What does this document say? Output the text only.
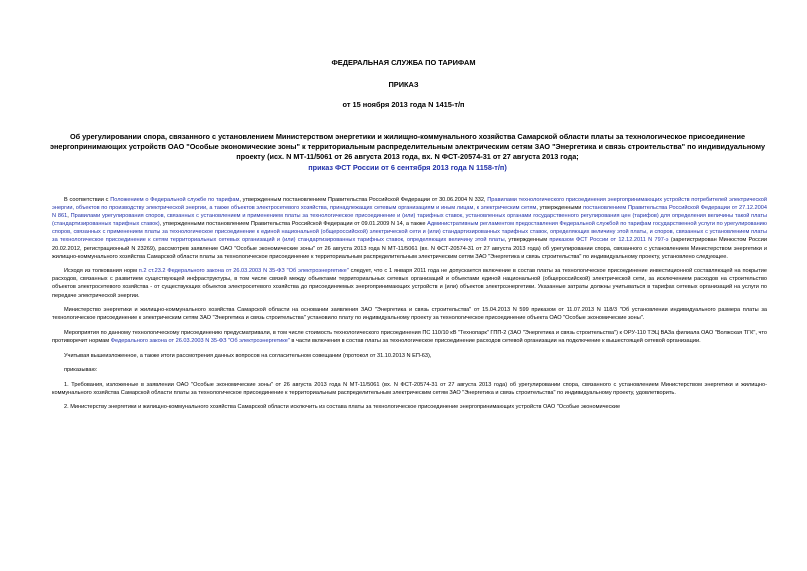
ФЕДЕРАЛЬНАЯ СЛУЖБА ПО ТАРИФАМ
ПРИКАЗ
от 15 ноября 2013 года N 1415-т/п
Об урегулировании спора, связанного с установлением Министерством энергетики и жилищно-коммунального хозяйства Самарской области платы за технологическое присоединение энергопринимающих устройств ОАО "Особые экономические зоны" к территориальным распределительным электрическим сетям ЗАО "Энергетика и связь строительства" по индивидуальному проекту (исх. N МТ-11/5061 от 26 августа 2013 года, вх. N ФСТ-20574-31 от 27 августа 2013 года;
приказ ФСТ России от 6 сентября 2013 года N 1158-т/п)

В соответствии с Положением о Федеральной службе по тарифам, утвержденным постановлением Правительства Российской Федерации от 30.06.2004 N 332, Правилами технологического присоединения энергопринимающих устройств потребителей электрической энергии, объектов по производству электрической энергии, а также объектов электросетевого хозяйства, принадлежащих сетевым организациям и иным лицам, к электрическим сетям, утвержденными постановлением Правительства Российской Федерации от 27.12.2004 N 861, Правилами урегулирования споров, связанных с установлением и применением платы за технологическое присоединение и (или) тарифных ставок, установленных органами государственного регулирования цен (тарифов) для определения величины такой платы (стандартизированных тарифных ставок), утвержденными постановлением Правительства Российской Федерации от 09.01.2009 N 14, а также Административным регламентом предоставления Федеральной службой по тарифам государственной услуги по урегулированию споров, связанных с применением платы за технологическое присоединение к единой национальной (общероссийской) электрической сети и (или) стандартизированных тарифных ставок, определяющих величину этой платы, и споров, связанных с установлением платы за технологическое присоединение к сетям территориальных сетевых организаций и (или) стандартизированных тарифных ставок, определяющих величину этой платы, утвержденным приказом ФСТ России от 12.12.2011 N 797-э (зарегистрирован Минюстом России 20.02.2012, регистрационный N 23269), рассмотрев заявление ОАО "Особые экономические зоны" от 26 августа 2013 года N МТ-11/5061 (вх. N ФСТ-20574-31 от 27 августа 2013 года) об урегулировании спора, связанного с установлением Министерством энергетики и жилищно-коммунального хозяйства Самарской области платы за технологическое присоединение к территориальным распределительным электрическим сетям ЗАО "Энергетика и связь строительства" по индивидуальному проекту, установлено следующее.

Исходя из толкования норм п.2 ст.23.2 Федерального закона от 26.03.2003 N 35-ФЗ "Об электроэнергетике" следует, что с 1 января 2011 года не допускается включение в состав платы за технологическое присоединение инвестиционной составляющей на покрытие расходов, связанных с развитием существующей инфраструктуры, в том числе связей между объектами территориальных сетевых организаций и объектами единой национальной (общероссийской) электрической сети, за исключением расходов на строительство объектов электросетевого хозяйства - от существующих объектов электросетевого хозяйства до присоединяемых энергопринимающих устройств и (или) объектов электроэнергетики. Указанные затраты должны учитываться в тарифах сетевых организаций на услуги по передаче электрической энергии.

Министерство энергетики и жилищно-коммунального хозяйства Самарской области на основании заявления ЗАО "Энергетика и связь строительства" от 15.04.2013 N 599 приказом от 11.07.2013 N 118/3 "Об установлении индивидуального размера платы за технологическое присоединение к электрическим сетям ЗАО "Энергетика и связь строительства" установило плату по индивидуальному проекту за технологическое присоединение объекта ОАО "Особые экономические зоны".

Мероприятия по данному технологическому присоединению предусматривали, в том числе стоимость технологического присоединения ПС 110/10 кВ "Технопарк" ГПП-2 (ЗАО "Энергетика и связь строительства") к ОРУ-110 ТЭЦ ВАЗа филиала ОАО "Волжская ТГК", что противоречит нормам Федерального закона от 26.03.2003 N 35-ФЗ "Об электроэнергетике" в части включения в состав платы за технологическое присоединение расходов сетевой организации на подключение к вышестоящей сетевой организации.

Учитывая вышеизложенное, а также итоги рассмотрения данных вопросов на согласительном совещании (протокол от 31.10.2013 N ЕП-63),

приказываю:

1. Требования, изложенные в заявлении ОАО "Особые экономические зоны" от 26 августа 2013 года N МТ-11/5061 (вх. N ФСТ-20574-31 от 27 августа 2013 года) об урегулировании спора, связанного с установлением Министерством энергетики и жилищно-коммунального хозяйства Самарской области платы за технологическое присоединение к территориальным распределительным электрическим сетям ЗАО "Энергетика и связь строительства" по индивидуальному проекту, удовлетворить.

2. Министерству энергетики и жилищно-коммунального хозяйства Самарской области исключить из состава платы за технологическое присоединение энергопринимающих устройств ОАО "Особые экономические
